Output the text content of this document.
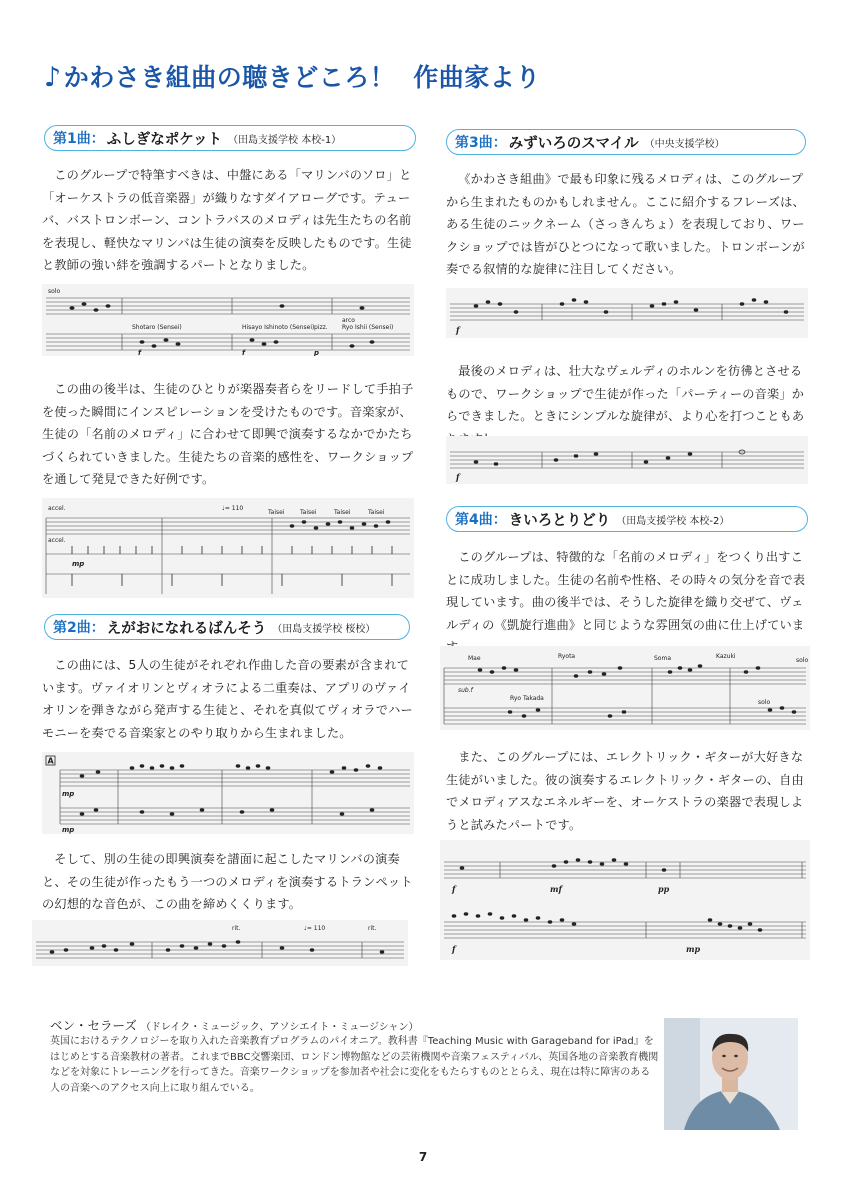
♪かわさき組曲の聴きどころ！ 作曲家より
第1曲： ふしぎなポケット （田島支援学校 本校-1）

このグループで特筆すべきは、中盤にある「マリンバのソロ」と「オーケストラの低音楽器」が織りなすダイアローグです。テューバ、バストロンボーン、コントラバスのメロディは先生たちの名前を表現し、軽快なマリンバは生徒の演奏を反映したものです。生徒と教師の強い絆を強調するパートとなりました。

solo
Shotaro (Sensei)	Hisayo Ishinoto (Sensei) pizz.
arco
Ryo Ishii (Sensei)
f	f	p

この曲の後半は、生徒のひとりが楽器奏者らをリードして手拍子を使った瞬間にインスピレーションを受けたものです。音楽家が、生徒の「名前のメロディ」に合わせて即興で演奏するなかでかたちづくられていきました。生徒たちの音楽的感性を、ワークショップを通して発見できた好例です。

accel.
accel.
♩= 110
Taisei	Taisei	Taisei	Taisei
mp
第2曲： えがおになれるばんそう （田島支援学校 桜校）

この曲には、5人の生徒がそれぞれ作曲した音の要素が含まれています。ヴァイオリンとヴィオラによる二重奏は、アプリのヴァイオリンを弾きながら発声する生徒と、それを真似てヴィオラでハーモニーを奏でる音楽家とのやり取りから生まれました。

A
mp
mp

そして、別の生徒の即興演奏を譜面に起こしたマリンバの演奏と、その生徒が作ったもう一つのメロディを演奏するトランペットの幻想的な音色が、この曲を締めくくります。

rit.	♩= 110	rit.
第3曲： みずいろのスマイル （中央支援学校）

《かわさき組曲》で最も印象に残るメロディは、このグループから生まれたものかもしれません。ここに紹介するフレーズは、ある生徒のニックネーム（さっきんちょ）を表現しており、ワークショップでは皆がひとつになって歌いました。トロンボーンが奏でる叙情的な旋律に注目してください。

f

最後のメロディは、壮大なヴェルディのホルンを彷彿とさせるもので、ワークショップで生徒が作った「パーティーの音楽」からできました。ときにシンプルな旋律が、より心を打つこともあ

f
第4曲： きいろとりどり （田島支援学校 本校-2）

このグループは、特徴的な「名前のメロディ」をつくり出すことに成功しました。生徒の名前や性格、その時々の気分を音で表現しています。曲の後半では、そうした旋律を織り交ぜて、ヴェルディの《凱旋行進曲》と同じような雰囲気の曲に仕上げていま

Mae	Ryota	Soma	Kazuki
solo
sub.f
Ryo Takada
solo

また、このグループには、エレクトリック・ギターが大好きな生徒がいました。彼の演奏するエレクトリック・ギターの、自由でメロディアスなエネルギーを、オーケストラの楽器で表現しようと試みたパートです。

f	mf	pp
f	mp
ベン・セラーズ （ドレイク・ミュージック、アソシエイト・ミュージシャン）

英国におけるテクノロジーを取り入れた音楽教育プログラムのパイオニア。教科書『Teaching Music with Garageband for iPad』をはじめとする音楽教材の著者。これまでBBC交響楽団、ロンドン博物館などの芸術機関や音楽フェスティバル、英国各地の音楽教育機関などを対象にトレーニングを行ってきた。音楽ワークショップを参加者や社会に変化をもたらすものととらえ、現在は特に障害のある人の音楽へのアクセス向上に取り組んでいる。

7
